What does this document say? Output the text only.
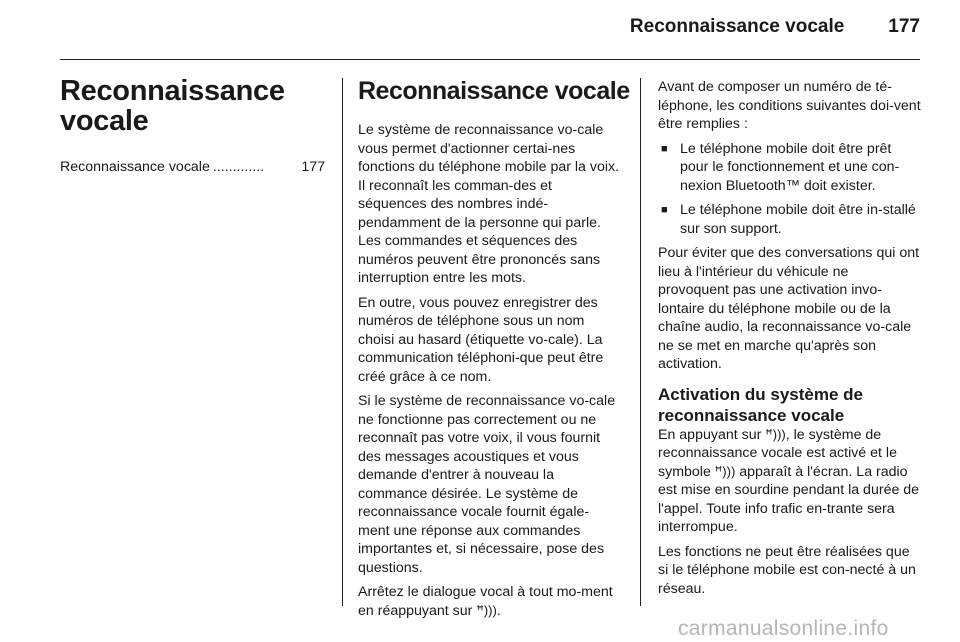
Reconnaissance vocale 177
Reconnaissance vocale
Reconnaissance vocale .............	177
Reconnaissance vocale

Le système de reconnaissance vo-cale vous permet d'actionner certai-nes fonctions du téléphone mobile par la voix. Il reconnaît les comman-des et séquences des nombres indé-pendamment de la personne qui parle. Les commandes et séquences des numéros peuvent être prononcés sans interruption entre les mots.

En outre, vous pouvez enregistrer des numéros de téléphone sous un nom choisi au hasard (étiquette vo-cale). La communication téléphoni-que peut être créé grâce à ce nom.

Si le système de reconnaissance vo-cale ne fonctionne pas correctement ou ne reconnaît pas votre voix, il vous fournit des messages acoustiques et vous demande d'entrer à nouveau la commance désirée. Le système de reconnaissance vocale fournit égale-ment une réponse aux commandes importantes et, si nécessaire, pose des questions.

Arrêtez le dialogue vocal à tout mo-ment en réappuyant sur ꟸ))).

Avant de composer un numéro de té-léphone, les conditions suivantes doi-vent être remplies :

■ Le téléphone mobile doit être prêt pour le fonctionnement et une con-nexion Bluetooth™ doit exister.
■ Le téléphone mobile doit être in-stallé sur son support.

Pour éviter que des conversations qui ont lieu à l'intérieur du véhicule ne provoquent pas une activation invo-lontaire du téléphone mobile ou de la chaîne audio, la reconnaissance vo-cale ne se met en marche qu'après son activation.

Activation du système de reconnaissance vocale

En appuyant sur ꟸ))), le système de reconnaissance vocale est activé et le symbole ꟸ))) apparaît à l'écran. La radio est mise en sourdine pendant la durée de l'appel. Toute info trafic en-trante sera interrompue.

Les fonctions ne peut être réalisées que si le téléphone mobile est con-necté à un réseau.

carmanualsonline.info
